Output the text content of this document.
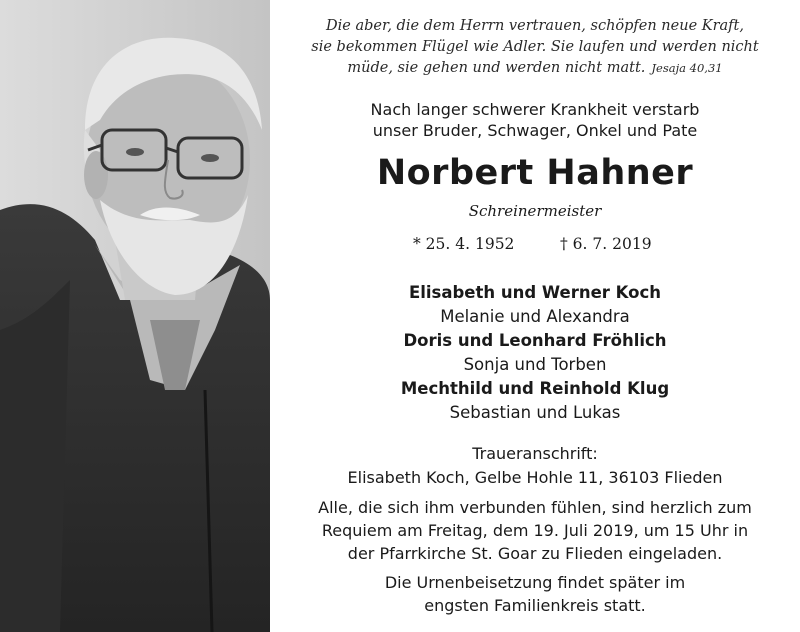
Die aber, die dem Herrn vertrauen, schöpfen neue Kraft,
sie bekommen Flügel wie Adler. Sie laufen und werden nicht
müde, sie gehen und werden nicht matt. Jesaja 40,31
Nach langer schwerer Krankheit verstarb
unser Bruder, Schwager, Onkel und Pate
Norbert Hahner
Schreinermeister
* 25. 4. 1952	† 6. 7. 2019
Elisabeth und Werner Koch
Melanie und Alexandra
Doris und Leonhard Fröhlich
Sonja und Torben
Mechthild und Reinhold Klug
Sebastian und Lukas
Traueranschrift:
Elisabeth Koch, Gelbe Hohle 11, 36103 Flieden
Alle, die sich ihm verbunden fühlen, sind herzlich zum
Requiem am Freitag, dem 19. Juli 2019, um 15 Uhr in
der Pfarrkirche St. Goar zu Flieden eingeladen.
Die Urnenbeisetzung findet später im
engsten Familienkreis statt.
